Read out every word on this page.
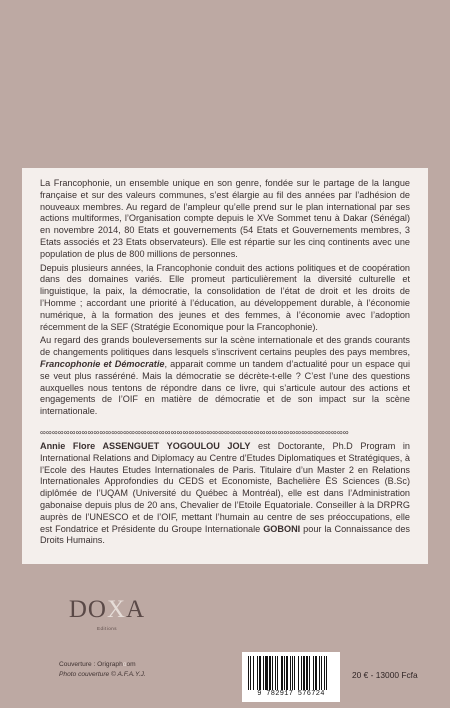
La Francophonie, un ensemble unique en son genre, fondée sur le partage de la langue française et sur des valeurs communes, s’est élargie au fil des années par l’adhésion de nouveaux membres. Au regard de l’ampleur qu’elle prend sur le plan international par ses actions multiformes, l’Organisation compte depuis le XVe Sommet tenu à Dakar (Sénégal) en novembre 2014, 80 Etats et gouvernements (54 Etats et Gouvernements membres, 3 Etats associés et 23 Etats observateurs). Elle est répartie sur les cinq continents avec une population de plus de 800 millions de personnes.

Depuis plusieurs années, la Francophonie conduit des actions politiques et de coopération dans des domaines variés. Elle promeut particulièrement la diversité culturelle et linguistique, la paix, la démocratie, la consolidation de l’état de droit et les droits de l’Homme ; accordant une priorité à l’éducation, au développement durable, à l’économie numérique, à la formation des jeunes et des femmes, à l’économie avec l’adoption récemment de la SEF (Stratégie Economique pour la Francophonie).

Au regard des grands bouleversements sur la scène internationale et des grands courants de changements politiques dans lesquels s’inscrivent certains peuples des pays membres, Francophonie et Démocratie, apparait comme un tandem d’actualité pour un espace qui se veut plus rasséréné. Mais la démocratie se décrète-t-elle ? C’est l’une des questions auxquelles nous tentons de répondre dans ce livre, qui s’articule autour des actions et engagements de l’OIF en matière de démocratie et de son impact sur la scène internationale.

∞∞∞∞∞∞∞∞∞∞∞∞∞∞∞∞∞∞∞∞∞∞∞∞∞∞∞∞∞∞∞∞∞∞∞∞∞∞∞∞∞∞∞∞∞∞∞∞∞∞∞∞

Annie Flore ASSENGUET YOGOULOU JOLY est Doctorante, Ph.D Program in International Relations and Diplomacy au Centre d’Etudes Diplomatiques et Stratégiques, à l’Ecole des Hautes Etudes Internationales de Paris. Titulaire d’un Master 2 en Relations Internationales Approfondies du CEDS et Economiste, Bachelière ÈS Sciences (B.Sc) diplômée de l’UQAM (Université du Québec à Montréal), elle est dans l’Administration gabonaise depuis plus de 20 ans, Chevalier de l’Etoile Equatoriale. Conseiller à la DRPRG auprès de l’UNESCO et de l’OIF, mettant l’humain au centre de ses préoccupations, elle est Fondatrice et Présidente du Groupe Internationale GOBONI pour la Connaissance des Droits Humains.

DOXA
Editions
Couverture : Origraphoom
Photo couverture © A.F.A.Y.J.
9 782917 576724
20 € - 13000 Fcfa
